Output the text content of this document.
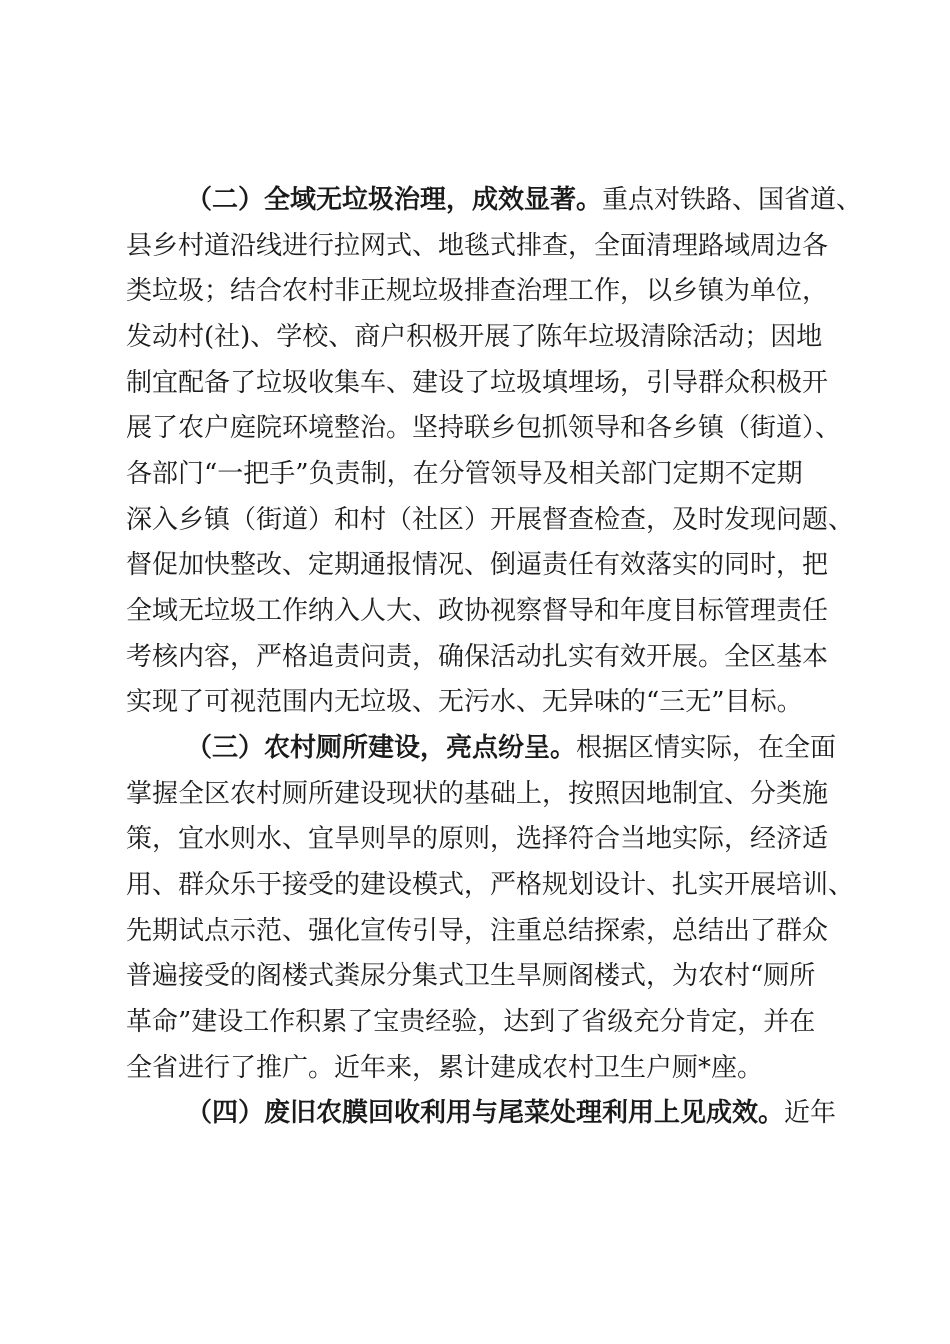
（二）全域无垃圾治理，成效显著。重点对铁路、国省道、

县乡村道沿线进行拉网式、地毯式排查，全面清理路域周边各

类垃圾；结合农村非正规垃圾排查治理工作，以乡镇为单位，

发动村(社)、学校、商户积极开展了陈年垃圾清除活动；因地

制宜配备了垃圾收集车、建设了垃圾填埋场，引导群众积极开

展了农户庭院环境整治。坚持联乡包抓领导和各乡镇（街道）、

各部门“一把手”负责制，在分管领导及相关部门定期不定期

深入乡镇（街道）和村（社区）开展督查检查，及时发现问题、

督促加快整改、定期通报情况、倒逼责任有效落实的同时，把

全域无垃圾工作纳入人大、政协视察督导和年度目标管理责任

考核内容，严格追责问责，确保活动扎实有效开展。全区基本

实现了可视范围内无垃圾、无污水、无异味的“三无”目标。

（三）农村厕所建设，亮点纷呈。根据区情实际，在全面

掌握全区农村厕所建设现状的基础上，按照因地制宜、分类施

策，宜水则水、宜旱则旱的原则，选择符合当地实际，经济适

用、群众乐于接受的建设模式，严格规划设计、扎实开展培训、

先期试点示范、强化宣传引导，注重总结探索，总结出了群众

普遍接受的阁楼式粪尿分集式卫生旱厕阁楼式，为农村“厕所

革命”建设工作积累了宝贵经验，达到了省级充分肯定，并在

全省进行了推广。近年来，累计建成农村卫生户厕*座。

（四）废旧农膜回收利用与尾菜处理利用上见成效。近年
